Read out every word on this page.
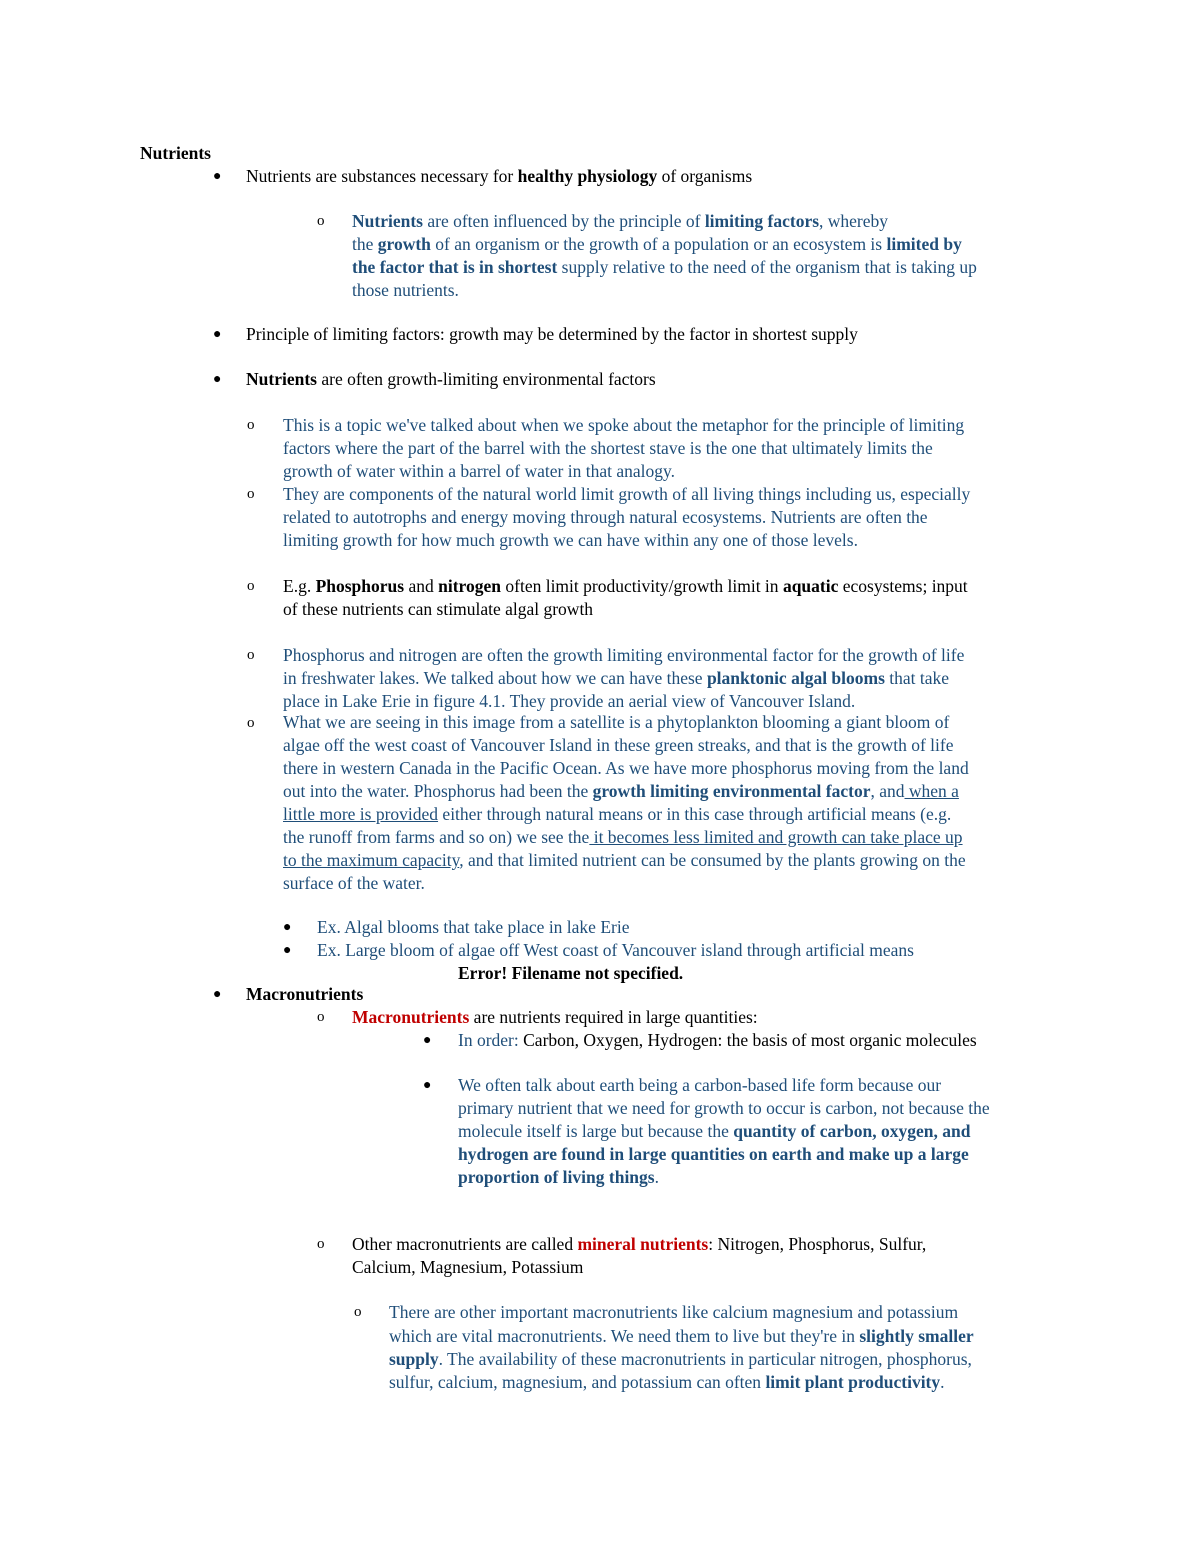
Nutrients

● Nutrients are substances necessary for healthy physiology of organisms

o Nutrients are often influenced by the principle of limiting factors, whereby

the growth of an organism or the growth of a population or an ecosystem is limited by

the factor that is in shortest supply relative to the need of the organism that is taking up

those nutrients.

● Principle of limiting factors: growth may be determined by the factor in shortest supply

● Nutrients are often growth-limiting environmental factors

o This is a topic we've talked about when we spoke about the metaphor for the principle of limiting

factors where the part of the barrel with the shortest stave is the one that ultimately limits the

growth of water within a barrel of water in that analogy.

o They are components of the natural world limit growth of all living things including us, especially

related to autotrophs and energy moving through natural ecosystems. Nutrients are often the

limiting growth for how much growth we can have within any one of those levels.

o E.g. Phosphorus and nitrogen often limit productivity/growth limit in aquatic ecosystems; input

of these nutrients can stimulate algal growth

o Phosphorus and nitrogen are often the growth limiting environmental factor for the growth of life

in freshwater lakes. We talked about how we can have these planktonic algal blooms that take

place in Lake Erie in figure 4.1. They provide an aerial view of Vancouver Island.

o What we are seeing in this image from a satellite is a phytoplankton blooming a giant bloom of

algae off the west coast of Vancouver Island in these green streaks, and that is the growth of life

there in western Canada in the Pacific Ocean. As we have more phosphorus moving from the land

out into the water. Phosphorus had been the growth limiting environmental factor, and when a

little more is provided either through natural means or in this case through artificial means (e.g.

the runoff from farms and so on) we see the it becomes less limited and growth can take place up

to the maximum capacity, and that limited nutrient can be consumed by the plants growing on the

surface of the water.

● Ex. Algal blooms that take place in lake Erie

● Ex. Large bloom of algae off West coast of Vancouver island through artificial means

Error! Filename not specified.

● Macronutrients

o Macronutrients are nutrients required in large quantities:

● In order: Carbon, Oxygen, Hydrogen: the basis of most organic molecules

● We often talk about earth being a carbon-based life form because our

primary nutrient that we need for growth to occur is carbon, not because the

molecule itself is large but because the quantity of carbon, oxygen, and

hydrogen are found in large quantities on earth and make up a large

proportion of living things.

o Other macronutrients are called mineral nutrients: Nitrogen, Phosphorus, Sulfur,

Calcium, Magnesium, Potassium

o There are other important macronutrients like calcium magnesium and potassium

which are vital macronutrients. We need them to live but they're in slightly smaller

supply. The availability of these macronutrients in particular nitrogen, phosphorus,

sulfur, calcium, magnesium, and potassium can often limit plant productivity.
